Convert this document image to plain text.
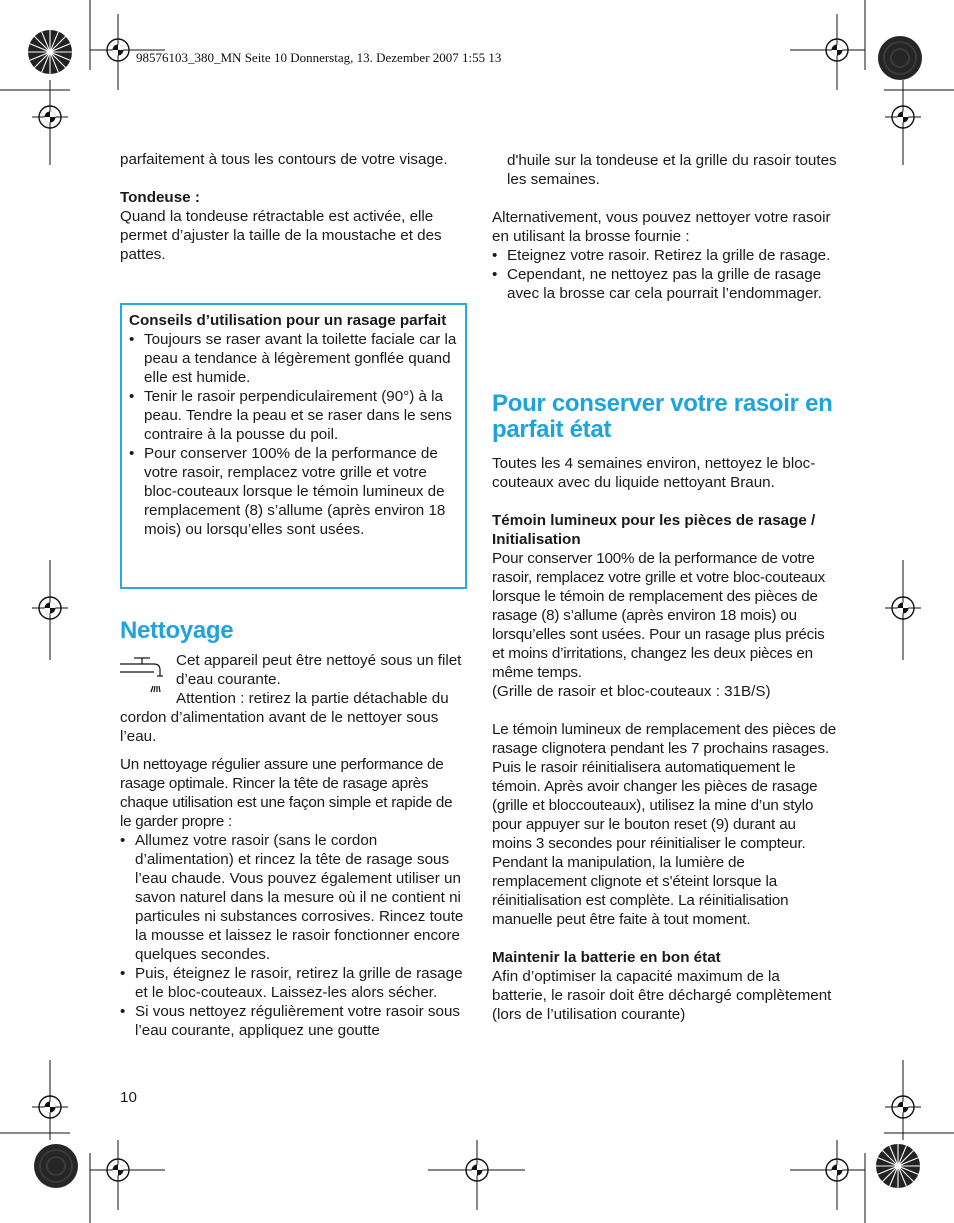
98576103_380_MN Seite 10 Donnerstag, 13. Dezember 2007 1:55 13

parfaitement à tous les contours de votre visage.

Tondeuse :

Quand la tondeuse rétractable est activée, elle permet d’ajuster la taille de la moustache et des pattes.

Conseils d’utilisation pour un rasage parfait

• Toujours se raser avant la toilette faciale car la peau a tendance à légèrement gonflée quand elle est humide.
• Tenir le rasoir perpendiculairement (90°) à la peau. Tendre la peau et se raser dans le sens contraire à la pousse du poil.
• Pour conserver 100% de la performance de votre rasoir, remplacez votre grille et votre bloc-couteaux lorsque le témoin lumineux de remplacement (8) s’allume (après environ 18 mois) ou lorsqu’elles sont usées.
Nettoyage
Cet appareil peut être nettoyé sous un filet d’eau courante.
Attention : retirez la partie détachable du cordon d’alimentation avant de le nettoyer sous l’eau.

Un nettoyage régulier assure une performance de rasage optimale. Rincer la tête de rasage après chaque utilisation est une façon simple et rapide de le garder propre :

• Allumez votre rasoir (sans le cordon d’alimentation) et rincez la tête de rasage sous l’eau chaude. Vous pouvez également utiliser un savon naturel dans la mesure où il ne contient ni particules ni substances corrosives. Rincez toute la mousse et laissez le rasoir fonctionner encore quelques secondes.
• Puis, éteignez le rasoir, retirez la grille de rasage et le bloc-couteaux. Laissez-les alors sécher.
• Si vous nettoyez régulièrement votre rasoir sous l’eau courante, appliquez une goutte
10
d'huile sur la tondeuse et la grille du rasoir toutes les semaines.

Alternativement, vous pouvez nettoyer votre rasoir en utilisant la brosse fournie :

• Eteignez votre rasoir. Retirez la grille de rasage.
• Cependant, ne nettoyez pas la grille de rasage avec la brosse car cela pourrait l’endommager.
Pour conserver votre rasoir en parfait état

Toutes les 4 semaines environ, nettoyez le bloc-couteaux avec du liquide nettoyant Braun.

Témoin lumineux pour les pièces de rasage / Initialisation

Pour conserver 100% de la performance de votre rasoir, remplacez votre grille et votre bloc-couteaux lorsque le témoin de remplacement des pièces de rasage (8) s’allume (après environ 18 mois) ou lorsqu’elles sont usées. Pour un rasage plus précis et moins d’irritations, changez les deux pièces en même temps.

(Grille de rasoir et bloc-couteaux : 31B/S)

Le témoin lumineux de remplacement des pièces de rasage clignotera pendant les 7 prochains rasages. Puis le rasoir réinitialisera automatiquement le témoin. Après avoir changer les pièces de rasage (grille et bloccouteaux), utilisez la mine d’un stylo pour appuyer sur le bouton reset (9) durant au moins 3 secondes pour réinitialiser le compteur. Pendant la manipulation, la lumière de remplacement clignote et s'éteint lorsque la réinitialisation est complète. La réinitialisation manuelle peut être faite à tout moment.

Maintenir la batterie en bon état

Afin d’optimiser la capacité maximum de la batterie, le rasoir doit être déchargé complètement (lors de l’utilisation courante)
